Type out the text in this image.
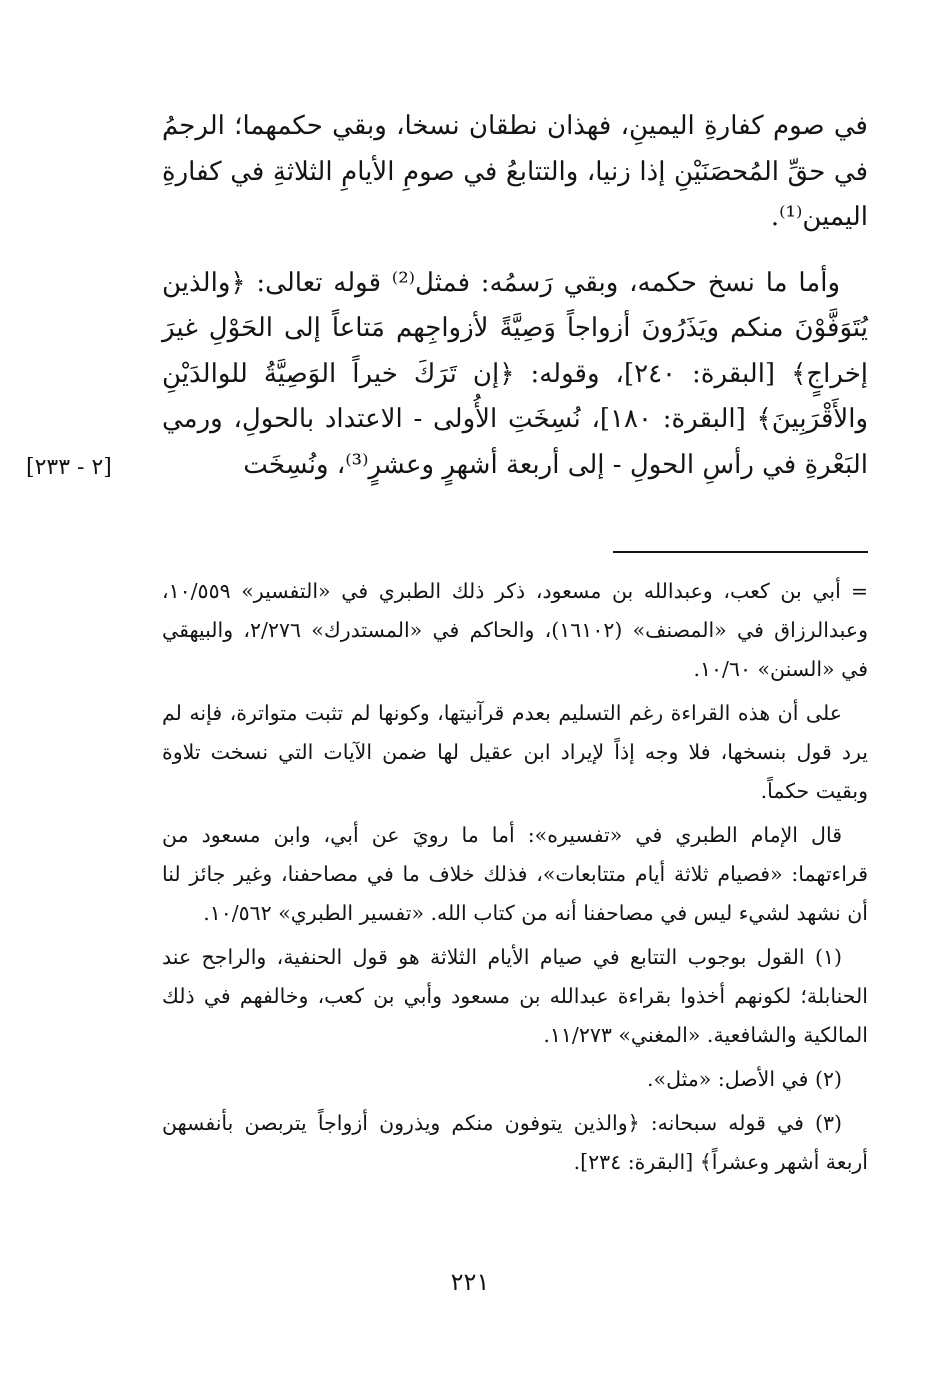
في صوم كفارةِ اليمينِ، فهذان نطقان نسخا، وبقي حكمهما؛ الرجمُ في حقِّ المُحصَنَيْنِ إذا زنيا، والتتابعُ في صومِ الأيامِ الثلاثةِ في كفارةِ اليمين⁽¹⁾.

وأما ما نسخ حكمه، وبقي رَسمُه: فمثل⁽²⁾ قوله تعالى: ﴿والذين يُتَوَفَّوْنَ منكم ويَذَرُونَ أزواجاً وَصِيَّةً لأزواجِهم مَتاعاً إلى الحَوْلِ غيرَ إخراجٍ﴾ [البقرة: ٢٤٠]، وقوله: ﴿إن تَرَكَ خيراً الوَصِيَّةُ للوالدَيْنِ والأَقْرَبِينَ﴾ [البقرة: ١٨٠]، نُسِخَتِ الأُولى - الاعتداد بالحولِ، ورمي البَعْرةِ في رأسِ الحولِ - إلى أربعة أشهرٍ وعشرٍ⁽³⁾، ونُسِخَت

[٢ - ٢٣٣]

=أبي بن كعب، وعبدالله بن مسعود، ذكر ذلك الطبري في «التفسير» ١٠/٥٥٩، وعبدالرزاق في «المصنف» (١٦١٠٢)، والحاكم في «المستدرك» ٢/٢٧٦، والبيهقي في «السنن» ١٠/٦٠.

على أن هذه القراءة رغم التسليم بعدم قرآنيتها، وكونها لم تثبت متواترة، فإنه لم يرد قول بنسخها، فلا وجه إذاً لإيراد ابن عقيل لها ضمن الآيات التي نسخت تلاوة وبقيت حكماً.

قال الإمام الطبري في «تفسيره»: أما ما رويَ عن أبي، وابن مسعود من قراءتهما: «فصيام ثلاثة أيام متتابعات»، فذلك خلاف ما في مصاحفنا، وغير جائز لنا أن نشهد لشيء ليس في مصاحفنا أنه من كتاب الله. «تفسير الطبري» ١٠/٥٦٢.

(١) القول بوجوب التتابع في صيام الأيام الثلاثة هو قول الحنفية، والراجح عند الحنابلة؛ لكونهم أخذوا بقراءة عبدالله بن مسعود وأبي بن كعب، وخالفهم في ذلك المالكية والشافعية. «المغني» ١١/٢٧٣.

(٢) في الأصل: «مثل».

(٣) في قوله سبحانه: ﴿والذين يتوفون منكم ويذرون أزواجاً يتربصن بأنفسهن أربعة أشهر وعشراً﴾ [البقرة: ٢٣٤].

٢٢١
